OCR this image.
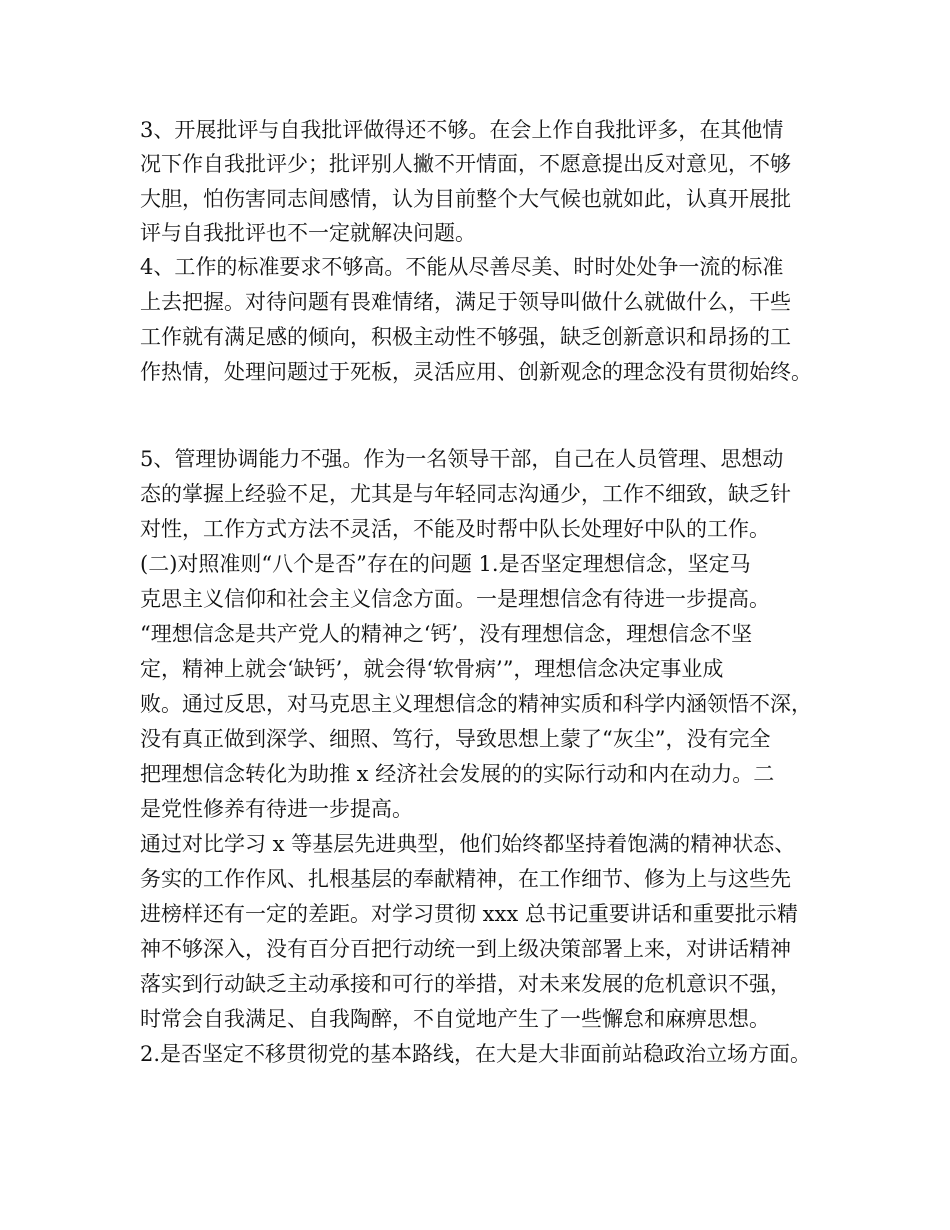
3、开展批评与自我批评做得还不够。在会上作自我批评多，在其他情
况下作自我批评少；批评别人撇不开情面，不愿意提出反对意见，不够
大胆，怕伤害同志间感情，认为目前整个大气候也就如此，认真开展批
评与自我批评也不一定就解决问题。
4、工作的标准要求不够高。不能从尽善尽美、时时处处争一流的标准
上去把握。对待问题有畏难情绪，满足于领导叫做什么就做什么，干些
工作就有满足感的倾向，积极主动性不够强，缺乏创新意识和昂扬的工
作热情，处理问题过于死板，灵活应用、创新观念的理念没有贯彻始终。
5、管理协调能力不强。作为一名领导干部，自己在人员管理、思想动
态的掌握上经验不足，尤其是与年轻同志沟通少，工作不细致，缺乏针
对性，工作方式方法不灵活，不能及时帮中队长处理好中队的工作。
(二)对照准则“八个是否”存在的问题 1.是否坚定理想信念，坚定马
克思主义信仰和社会主义信念方面。一是理想信念有待进一步提高。
“理想信念是共产党人的精神之‘钙’，没有理想信念，理想信念不坚
定，精神上就会‘缺钙’，就会得‘软骨病’”，理想信念决定事业成
败。通过反思，对马克思主义理想信念的精神实质和科学内涵领悟不深，
没有真正做到深学、细照、笃行，导致思想上蒙了“灰尘”，没有完全
把理想信念转化为助推 x 经济社会发展的的实际行动和内在动力。二
是党性修养有待进一步提高。
通过对比学习 x 等基层先进典型，他们始终都坚持着饱满的精神状态、
务实的工作作风、扎根基层的奉献精神，在工作细节、修为上与这些先
进榜样还有一定的差距。对学习贯彻 xxx 总书记重要讲话和重要批示精
神不够深入，没有百分百把行动统一到上级决策部署上来，对讲话精神
落实到行动缺乏主动承接和可行的举措，对未来发展的危机意识不强，
时常会自我满足、自我陶醉，不自觉地产生了一些懈怠和麻痹思想。
2.是否坚定不移贯彻党的基本路线，在大是大非面前站稳政治立场方面。
